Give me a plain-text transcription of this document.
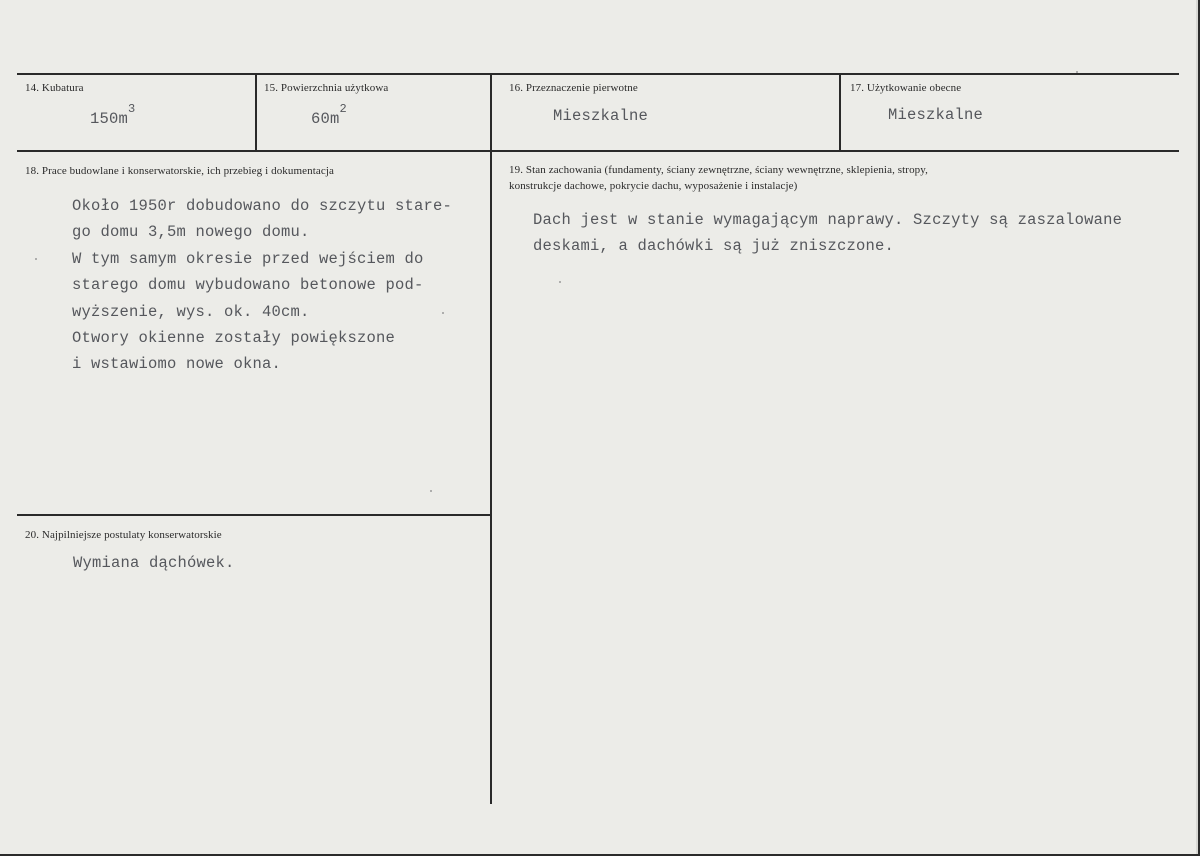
14. Kubatura
$150m^3$
15. Powierzchnia użytkowa
$60m^2$
16. Przeznaczenie pierwotne
Mieszkalne
17. Użytkowanie obecne
Mieszkalne
18. Prace budowlane i konserwatorskie, ich przebieg i dokumentacja
Około 1950r dobudowano do szczytu stare-
go domu 3,5m nowego domu.
W tym samym okresie przed wejściem do
starego domu wybudowano betonowe pod-
wyższenie, wys. ok. 40cm.
Otwory okienne zostały powiększone
i wstawiomo nowe okna.
19. Stan zachowania (fundamenty, ściany zewnętrzne, ściany wewnętrzne, sklepienia, stropy,
konstrukcje dachowe, pokrycie dachu, wyposażenie i instalacje)
Dach jest w stanie wymagającym naprawy. Szczyty są zaszalowane
deskami, a dachówki są już zniszczone.
20. Najpilniejsze postulaty konserwatorskie
Wymiana dąchówek.
